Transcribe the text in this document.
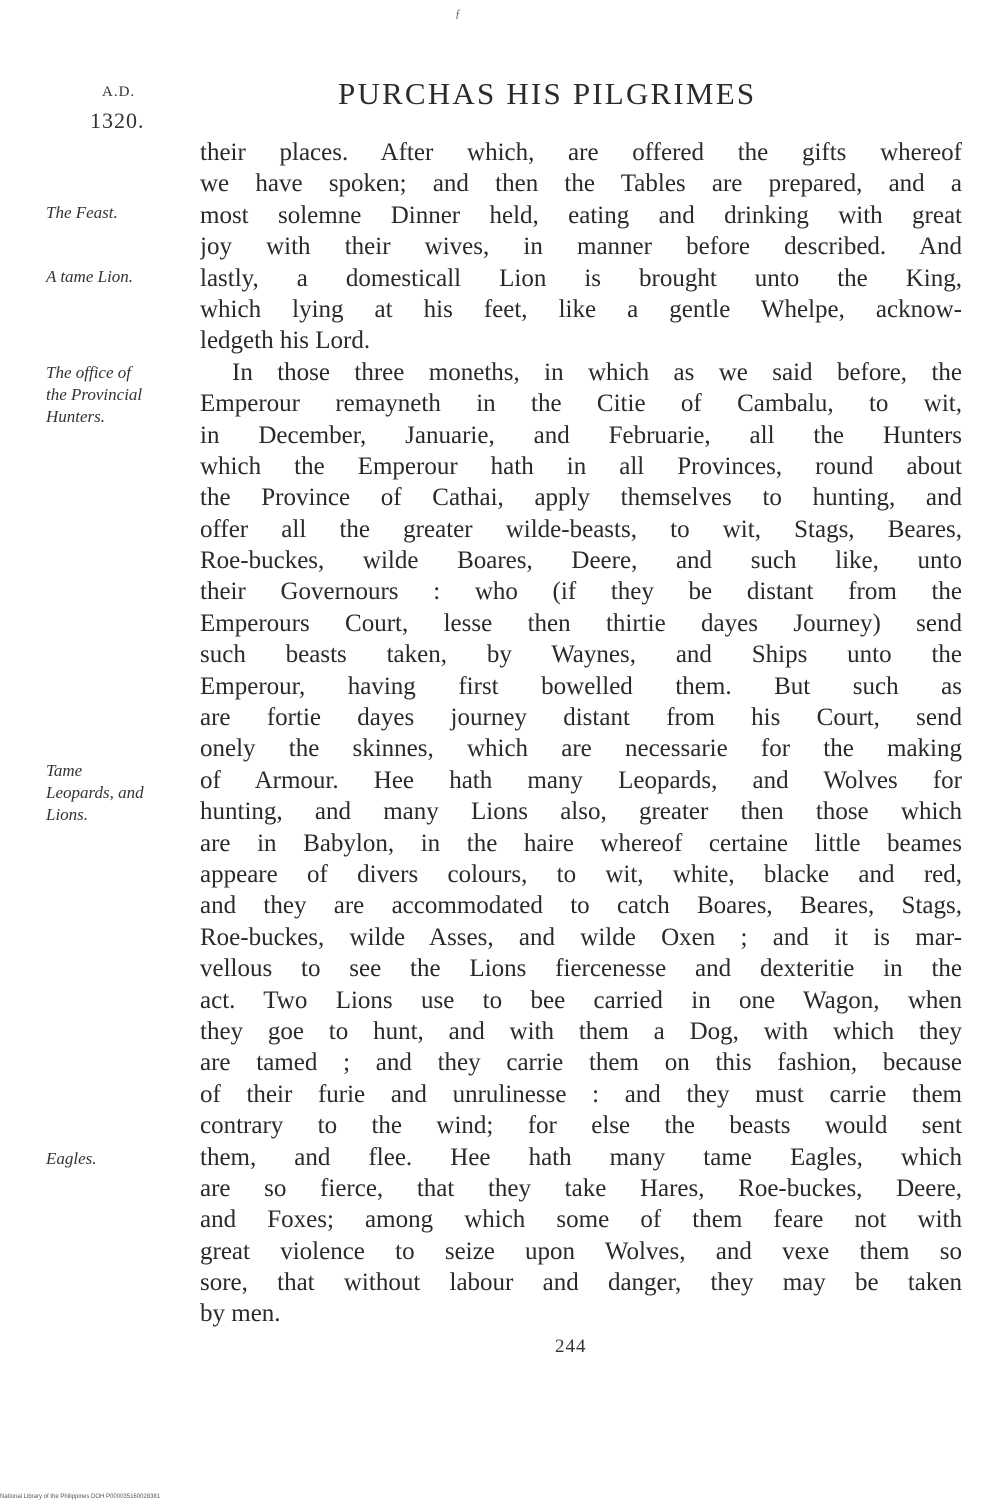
ƒ
A.D.
1320.
PURCHAS HIS PILGRIMES
The Feast.
A tame Lion.
The office of
the Provincial
Hunters.
Tame
Leopards, and
Lions.
Eagles.
their places. After which, are offered the gifts whereof
we have spoken; and then the Tables are prepared, and a
most solemne Dinner held, eating and drinking with great
joy with their wives, in manner before described. And
lastly, a domesticall Lion is brought unto the King,
which lying at his feet, like a gentle Whelpe, acknow-
ledgeth his Lord.
In those three moneths, in which as we said before, the
Emperour remayneth in the Citie of Cambalu, to wit,
in December, Januarie, and Februarie, all the Hunters
which the Emperour hath in all Provinces, round about
the Province of Cathai, apply themselves to hunting, and
offer all the greater wilde-beasts, to wit, Stags, Beares,
Roe-buckes, wilde Boares, Deere, and such like, unto
their Governours : who (if they be distant from the
Emperours Court, lesse then thirtie dayes Journey) send
such beasts taken, by Waynes, and Ships unto the
Emperour, having first bowelled them. But such as
are fortie dayes journey distant from his Court, send
onely the skinnes, which are necessarie for the making
of Armour. Hee hath many Leopards, and Wolves for
hunting, and many Lions also, greater then those which
are in Babylon, in the haire whereof certaine little beames
appeare of divers colours, to wit, white, blacke and red,
and they are accommodated to catch Boares, Beares, Stags,
Roe-buckes, wilde Asses, and wilde Oxen ; and it is mar-
vellous to see the Lions fiercenesse and dexteritie in the
act. Two Lions use to bee carried in one Wagon, when
they goe to hunt, and with them a Dog, with which they
are tamed ; and they carrie them on this fashion, because
of their furie and unrulinesse : and they must carrie them
contrary to the wind; for else the beasts would sent
them, and flee. Hee hath many tame Eagles, which
are so fierce, that they take Hares, Roe-buckes, Deere,
and Foxes; among which some of them feare not with
great violence to seize upon Wolves, and vexe them so
sore, that without labour and danger, they may be taken
by men.
244
National Library of the Philippines DOH P000035160028381
